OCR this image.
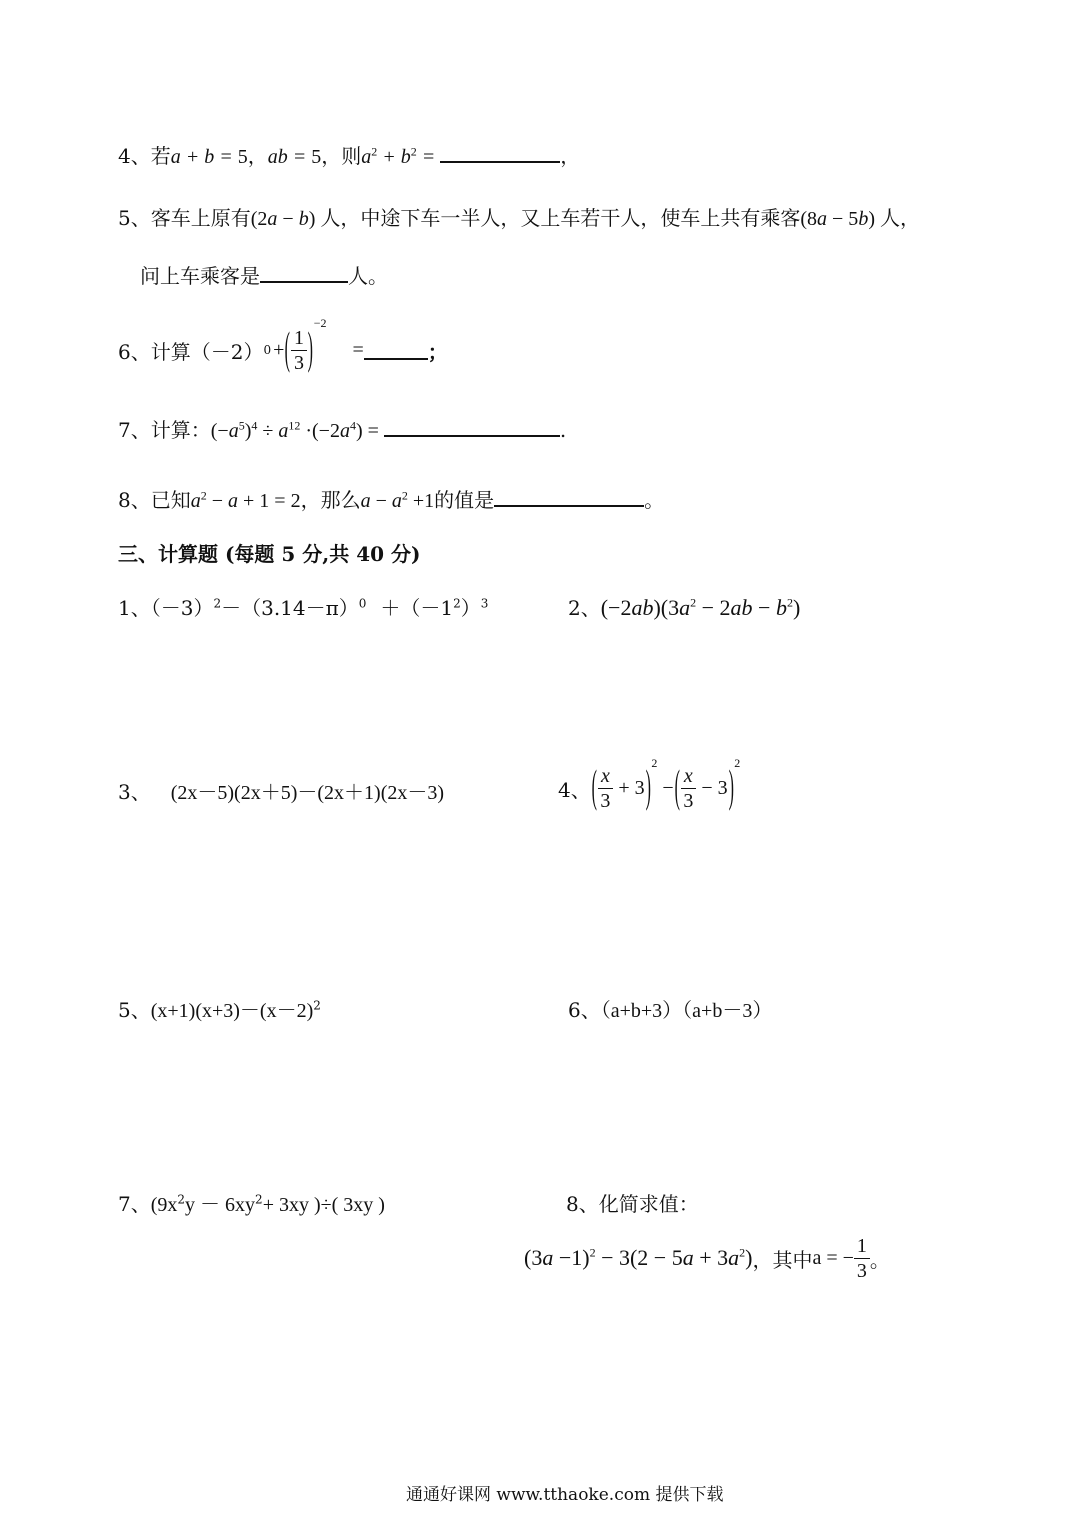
4、若a + b = 5，ab = 5，则$a^2 + b^2$ =	，
5、客车上原有(2a − b) 人，中途下车一半人，又上车若干人，使车上共有乘客(8a − 5b) 人，
问上车乘客是	人。
6、计算（－2） 0 + ( $\frac{1}{3}$ )
−2
=	；
7、计算：$(-a^5)^4 \div a^{12} \cdot(-2a^4)$ =	.
8、已知$a^2 - a + 1 = 2$，那么$a - a^2 +1$的值是	。
三、计算题 (每题 5 分,共 40 分)
1、$(-3)^2-(3.14-\pi)^0 +(-1^2)^3$	2、$(-2ab)(3a^2 - 2ab - b^2)$
3、 (2x－5)(2x＋5)－(2x＋1)(2x－3)	4、 ( $\frac{x}{3} + 3$ ) 2
− ( $\frac{x}{3} - 3$ ) 2
5、$(x+1)(x+3)-(x-2)^2$	6、（a+b+3）（a+b－3）
7、($9x^2y - 6xy^2+ 3xy$ )÷( 3xy )	8、化简求值：
$(3a -1)^2 - 3(2 - 5a + 3a^2)$ ，其中 a = − $\frac{1}{3}$ 。
通通好课网 www.tthaoke.com 提供下载
